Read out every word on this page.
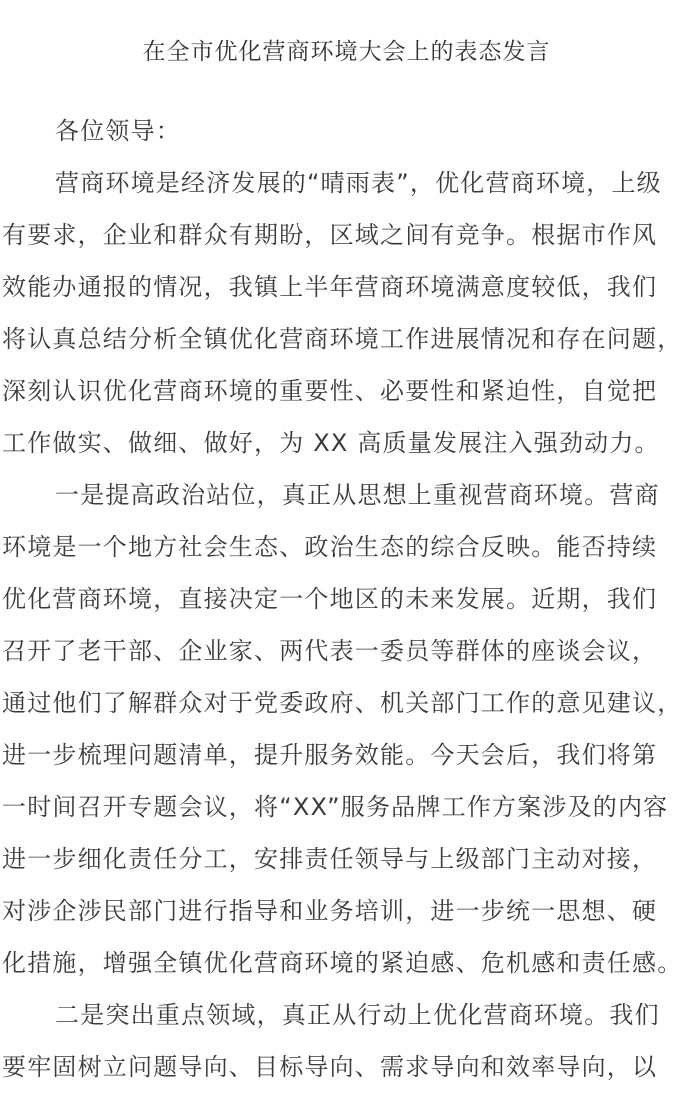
在全市优化营商环境大会上的表态发言
各位领导：
营商环境是经济发展的“晴雨表”，优化营商环境，上级
有要求，企业和群众有期盼，区域之间有竞争。根据市作风
效能办通报的情况，我镇上半年营商环境满意度较低，我们
将认真总结分析全镇优化营商环境工作进展情况和存在问题，
深刻认识优化营商环境的重要性、必要性和紧迫性，自觉把
工作做实、做细、做好，为 XX 高质量发展注入强劲动力。
一是提高政治站位，真正从思想上重视营商环境。营商
环境是一个地方社会生态、政治生态的综合反映。能否持续
优化营商环境，直接决定一个地区的未来发展。近期，我们
召开了老干部、企业家、两代表一委员等群体的座谈会议，
通过他们了解群众对于党委政府、机关部门工作的意见建议，
进一步梳理问题清单，提升服务效能。今天会后，我们将第
一时间召开专题会议，将“XX”服务品牌工作方案涉及的内容
进一步细化责任分工，安排责任领导与上级部门主动对接，
对涉企涉民部门进行指导和业务培训，进一步统一思想、硬
化措施，增强全镇优化营商环境的紧迫感、危机感和责任感。
二是突出重点领域，真正从行动上优化营商环境。我们
要牢固树立问题导向、目标导向、需求导向和效率导向，以
